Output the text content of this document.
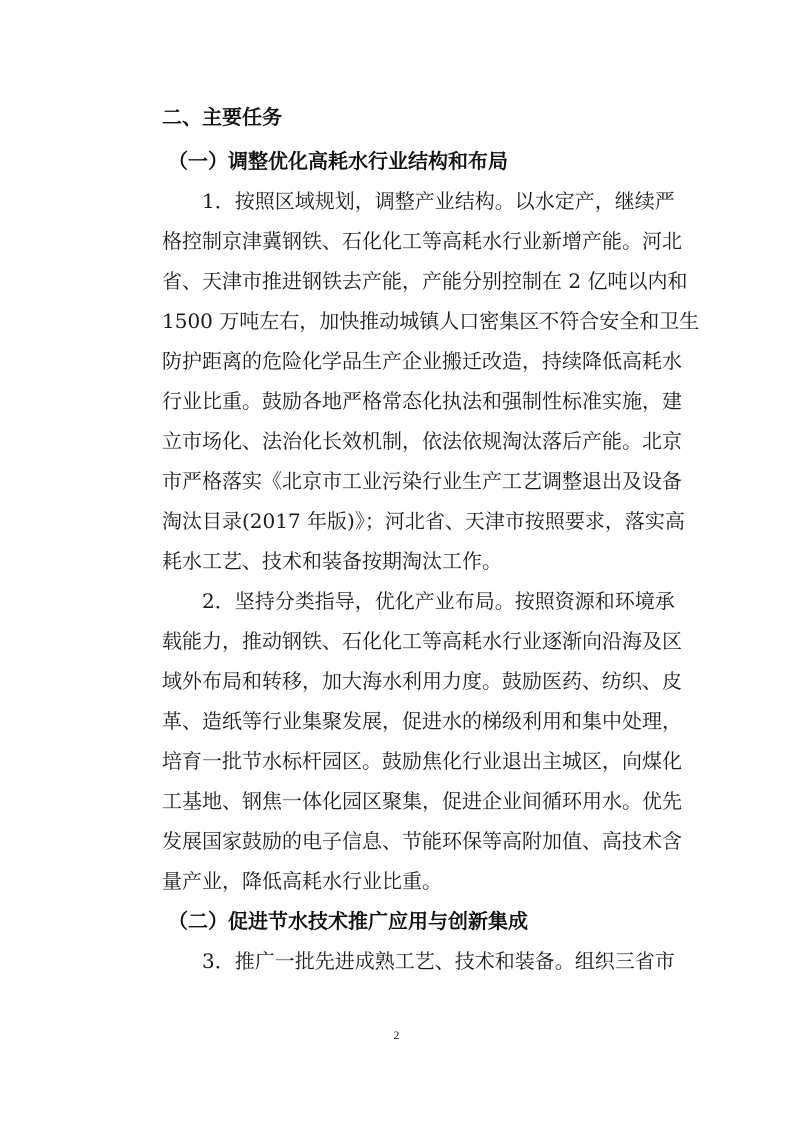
二、主要任务
（一）调整优化高耗水行业结构和布局
1．按照区域规划，调整产业结构。以水定产，继续严
格控制京津冀钢铁、石化化工等高耗水行业新增产能。河北
省、天津市推进钢铁去产能，产能分别控制在 2 亿吨以内和
1500 万吨左右，加快推动城镇人口密集区不符合安全和卫生
防护距离的危险化学品生产企业搬迁改造，持续降低高耗水
行业比重。鼓励各地严格常态化执法和强制性标准实施，建
立市场化、法治化长效机制，依法依规淘汰落后产能。北京
市严格落实《北京市工业污染行业生产工艺调整退出及设备
淘汰目录(2017 年版)》；河北省、天津市按照要求，落实高
耗水工艺、技术和装备按期淘汰工作。
2．坚持分类指导，优化产业布局。按照资源和环境承
载能力，推动钢铁、石化化工等高耗水行业逐渐向沿海及区
域外布局和转移，加大海水利用力度。鼓励医药、纺织、皮
革、造纸等行业集聚发展，促进水的梯级利用和集中处理，
培育一批节水标杆园区。鼓励焦化行业退出主城区，向煤化
工基地、钢焦一体化园区聚集，促进企业间循环用水。优先
发展国家鼓励的电子信息、节能环保等高附加值、高技术含
量产业，降低高耗水行业比重。
（二）促进节水技术推广应用与创新集成
3．推广一批先进成熟工艺、技术和装备。组织三省市
2
